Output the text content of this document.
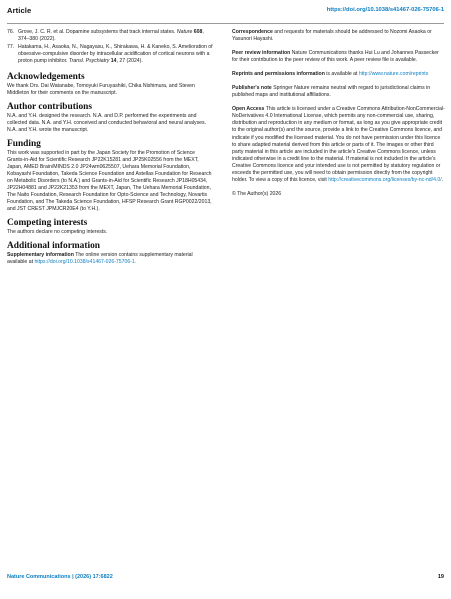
Article	https://doi.org/10.1038/s41467-026-75706-1
76. Grove, J. C. R. et al. Dopamine subsystems that track internal states. Nature 608, 374–380 (2022).
77. Hatakama, H., Asaoka, N., Nagayasu, K., Shirakawa, H. & Kaneko, S. Amelioration of obsessive-compulsive disorder by intracellular acidification of cortical neurons with a proton pump inhibitor. Transl. Psychiatry 14, 27 (2024).
Acknowledgements
We thank Drs. Dai Watanabe, Tomoyuki Furuyashiki, Chika Nishimura, and Steven Middleton for their comments on the manuscript.
Author contributions
N.A. and Y.H. designed the research. N.A. and D.P. performed the experiments and collected data. N.A. and Y.H. conceived and conducted behavioral and neural analyses. N.A. and Y.H. wrote the manuscript.
Funding
This work was supported in part by the Japan Society for the Promotion of Science Grants-in-Aid for Scientific Research JP22K15281 and JP25K02556 from the MEXT, Japan, AMED Brain/MINDS 2.0 JP24wm0625507, Uehara Memorial Foundation, Kobayashi Foundation, Takeda Science Foundation and Astellas Foundation for Research on Metabolic Disorders (to N.A.) and Grants-in-Aid for Scientific Research JP18H05434, JP22H04881 and JP22K21353 from the MEXT, Japan, The Uehara Memorial Foundation, The Naito Foundation, Research Foundation for Opto-Science and Technology, Novartis Foundation, and The Takeda Science Foundation, HFSP Research Grant RGP0022/2013, and JST CREST JPMJCR20E4 (to Y.H.).
Competing interests
The authors declare no competing interests.
Additional information
Supplementary information The online version contains supplementary material available at https://doi.org/10.1038/s41467-026-75706-1.
Correspondence and requests for materials should be addressed to Nozomi Asaoka or Yasunori Hayashi.
Peer review information Nature Communications thanks Hui Lu and Johannes Passecker for their contribution to the peer review of this work. A peer review file is available.
Reprints and permissions information is available at http://www.nature.com/reprints
Publisher's note Springer Nature remains neutral with regard to jurisdictional claims in published maps and institutional affiliations.
Open Access This article is licensed under a Creative Commons Attribution-NonCommercial-NoDerivatives 4.0 International License, which permits any non-commercial use, sharing, distribution and reproduction in any medium or format, as long as you give appropriate credit to the original author(s) and the source, provide a link to the Creative Commons licence, and indicate if you modified the licensed material. You do not have permission under this licence to share adapted material derived from this article or parts of it. The images or other third party material in this article are included in the article's Creative Commons licence, unless indicated otherwise in a credit line to the material. If material is not included in the article's Creative Commons licence and your intended use is not permitted by statutory regulation or exceeds the permitted use, you will need to obtain permission directly from the copyright holder. To view a copy of this licence, visit http://creativecommons.org/licenses/by-nc-nd/4.0/.
© The Author(s) 2026
Nature Communications | (2026) 17:6822	19
